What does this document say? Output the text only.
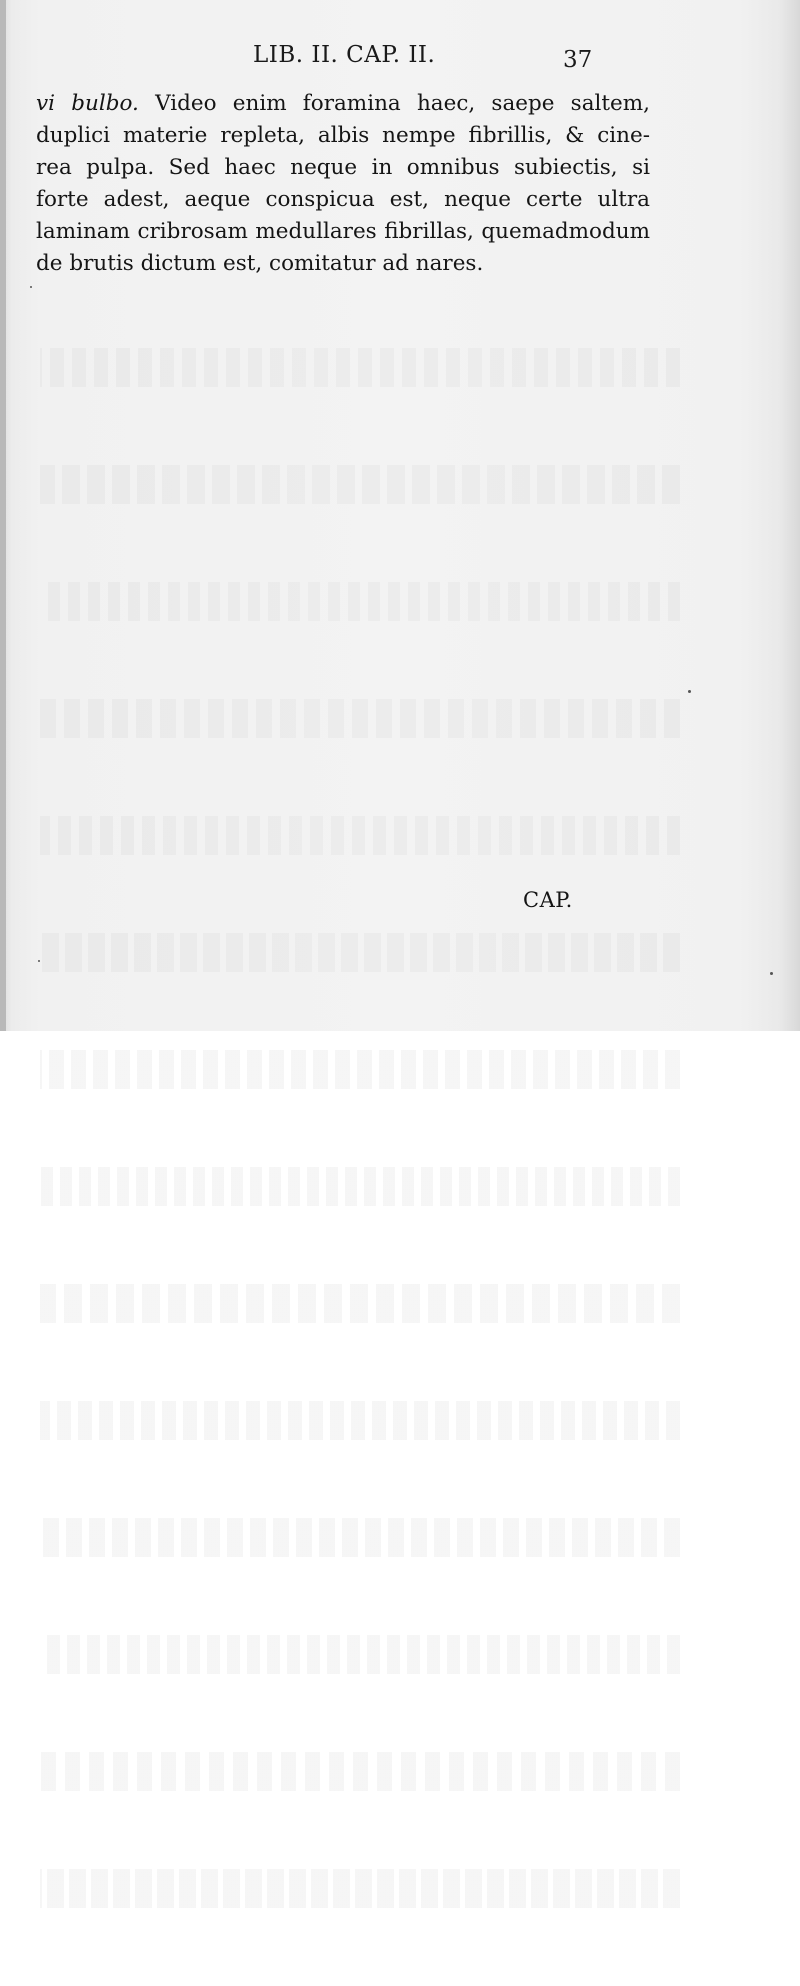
LIB. II. CAP. II.	37
vi bulbo. Video enim foramina haec, saepe saltem,
duplici materie repleta, albis nempe fibrillis, & cine-
rea pulpa. Sed haec neque in omnibus subiectis, si
forte adest, aeque conspicua est, neque certe ultra
laminam cribrosam medullares fibrillas, quemadmodum
de brutis dictum est, comitatur ad nares.
CAP.
